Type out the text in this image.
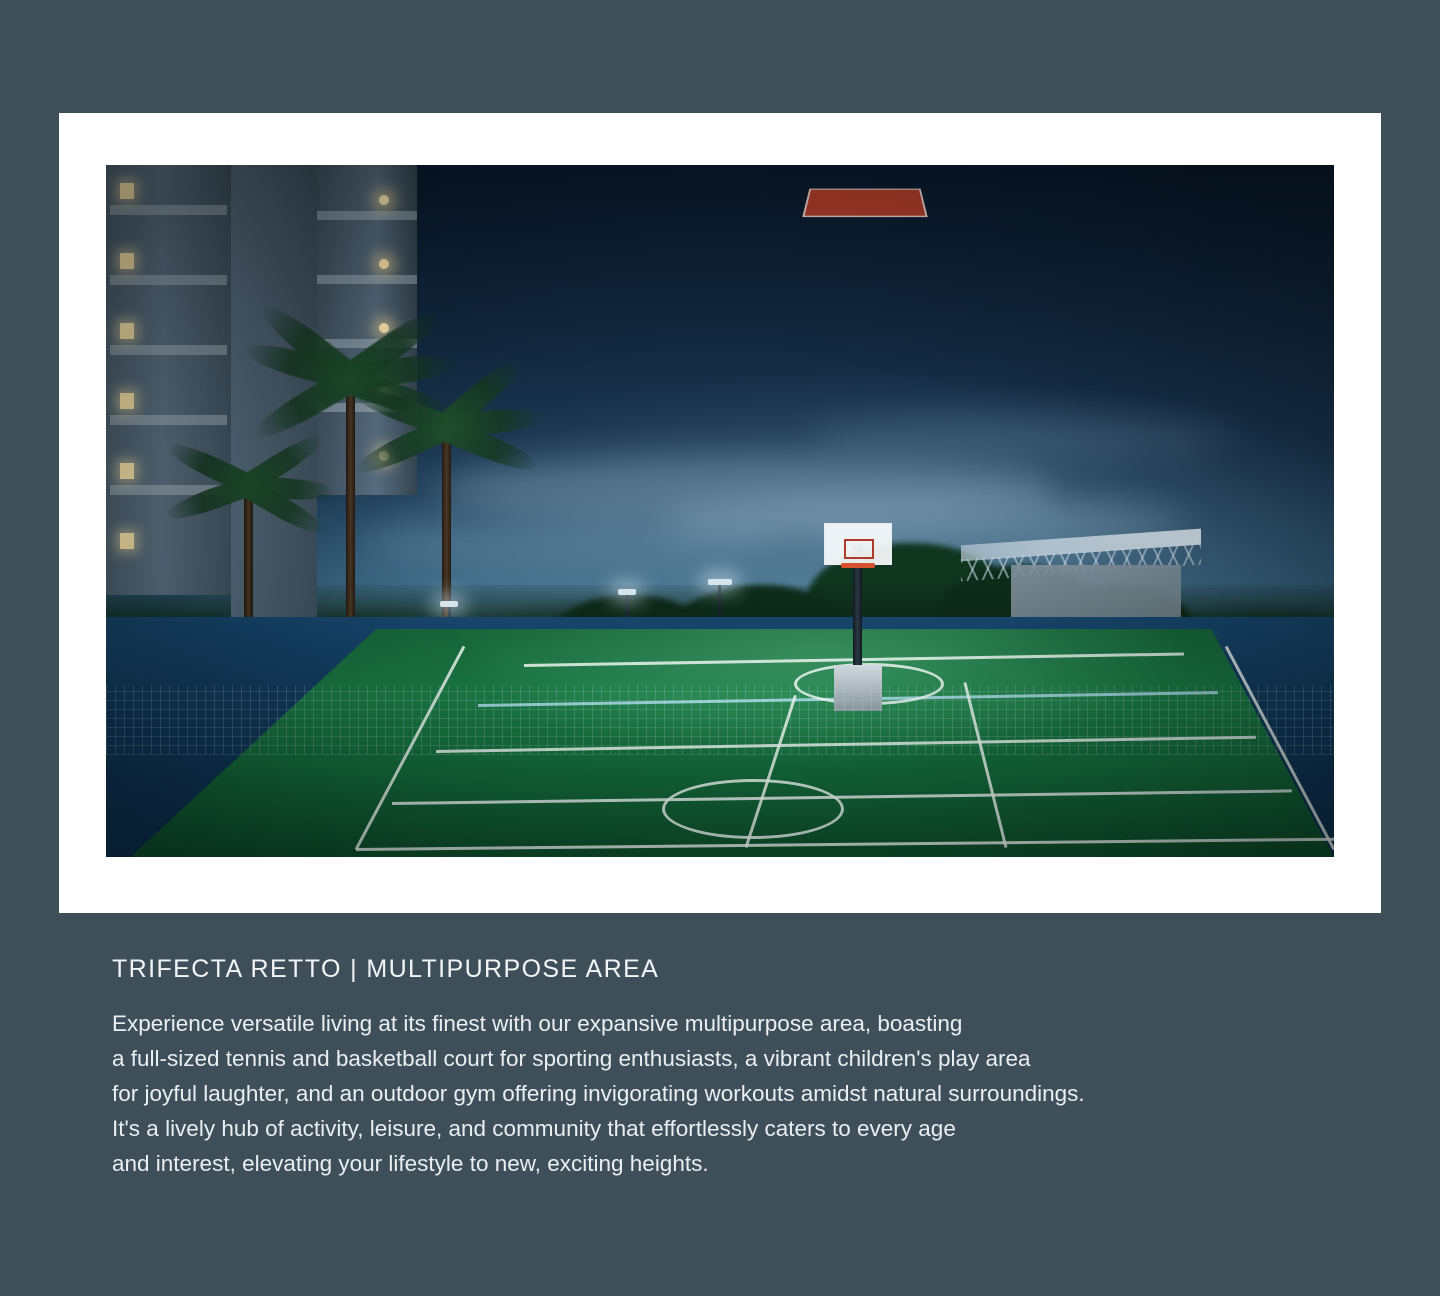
TRIFECTA RETTO | MULTIPURPOSE AREA

Experience versatile living at its finest with our expansive multipurpose area, boasting
a full-sized tennis and basketball court for sporting enthusiasts, a vibrant children's play area
for joyful laughter, and an outdoor gym offering invigorating workouts amidst natural surroundings.
It's a lively hub of activity, leisure, and community that effortlessly caters to every age
and interest, elevating your lifestyle to new, exciting heights.
